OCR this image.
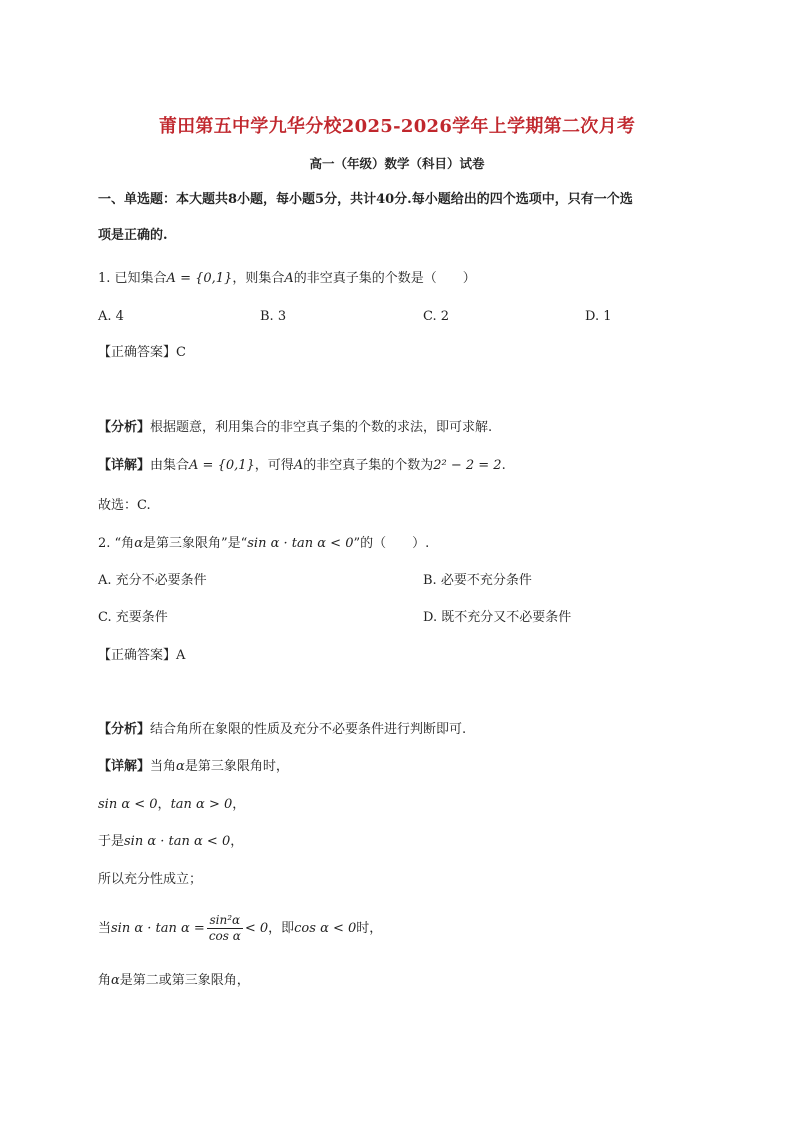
莆田第五中学九华分校2025-2026学年上学期第二次月考
高一（年级）数学（科目）试卷
一、单选题：本大题共8小题，每小题5分，共计40分.每小题给出的四个选项中，只有一个选
项是正确的.
1. 已知集合A = {0,1}，则集合A的非空真子集的个数是（　　）
A. 4	B. 3	C. 2	D. 1
【正确答案】C
【分析】根据题意，利用集合的非空真子集的个数的求法，即可求解.
【详解】由集合A = {0,1}，可得A的非空真子集的个数为2² − 2 = 2.
故选：C.
2. “角α是第三象限角”是“sin α · tan α < 0”的（　　）.
A. 充分不必要条件	B. 必要不充分条件
C. 充要条件	D. 既不充分又不必要条件
【正确答案】A
【分析】结合角所在象限的性质及充分不必要条件进行判断即可.
【详解】当角α是第三象限角时，
sin α < 0，tan α > 0，
于是sin α · tan α < 0，
所以充分性成立；
当$\sin \alpha \cdot \tan \alpha = \frac{\text{sin²α}}{\text{cos α}} < 0$，即cos α < 0时，
角α是第二或第三象限角，
